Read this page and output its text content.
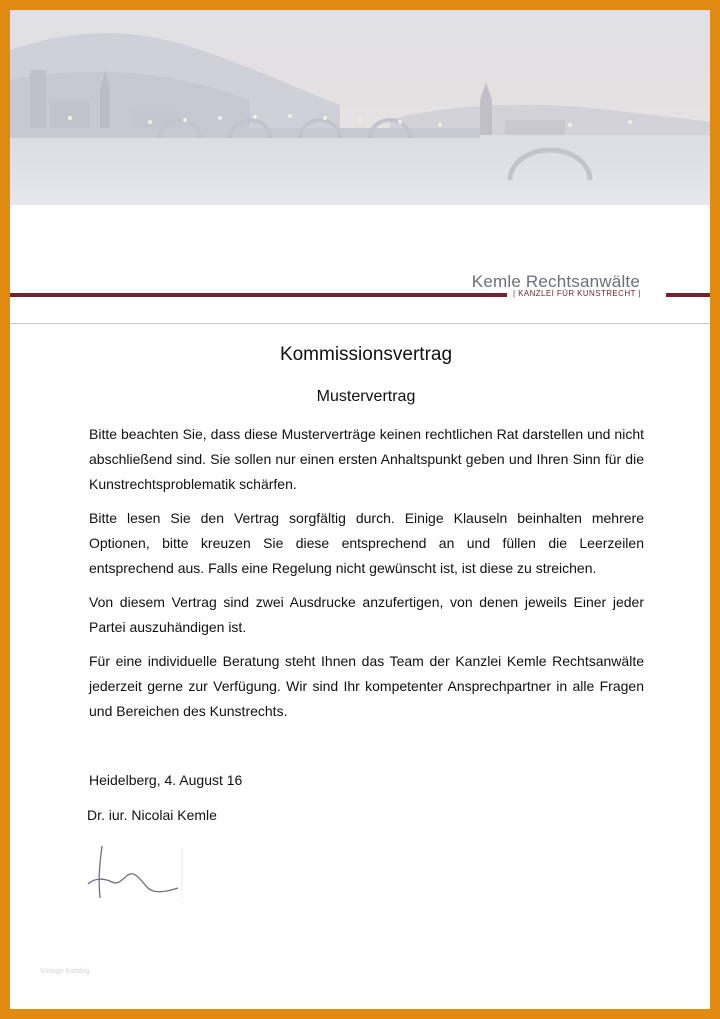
Kemle Rechtsanwälte
| KANZLEI FÜR KUNSTRECHT |
Kommissionsvertrag
Mustervertrag
Bitte beachten Sie, dass diese Musterverträge keinen rechtlichen Rat darstellen und nicht abschließend sind. Sie sollen nur einen ersten Anhaltspunkt geben und Ihren Sinn für die Kunstrechtsproblematik schärfen.
Bitte lesen Sie den Vertrag sorgfältig durch. Einige Klauseln beinhalten mehrere Optionen, bitte kreuzen Sie diese entsprechend an und füllen die Leerzeilen entsprechend aus. Falls eine Regelung nicht gewünscht ist, ist diese zu streichen.
Von diesem Vertrag sind zwei Ausdrucke anzufertigen, von denen jeweils Einer jeder Partei auszuhändigen ist.
Für eine individuelle Beratung steht Ihnen das Team der Kanzlei Kemle Rechtsanwälte jederzeit gerne zur Verfügung. Wir sind Ihr kompetenter Ansprechpartner in alle Fragen und Bereichen des Kunstrechts.
Heidelberg, 4. August 16
Dr. iur. Nicolai Kemle
Vorlage Katalog
